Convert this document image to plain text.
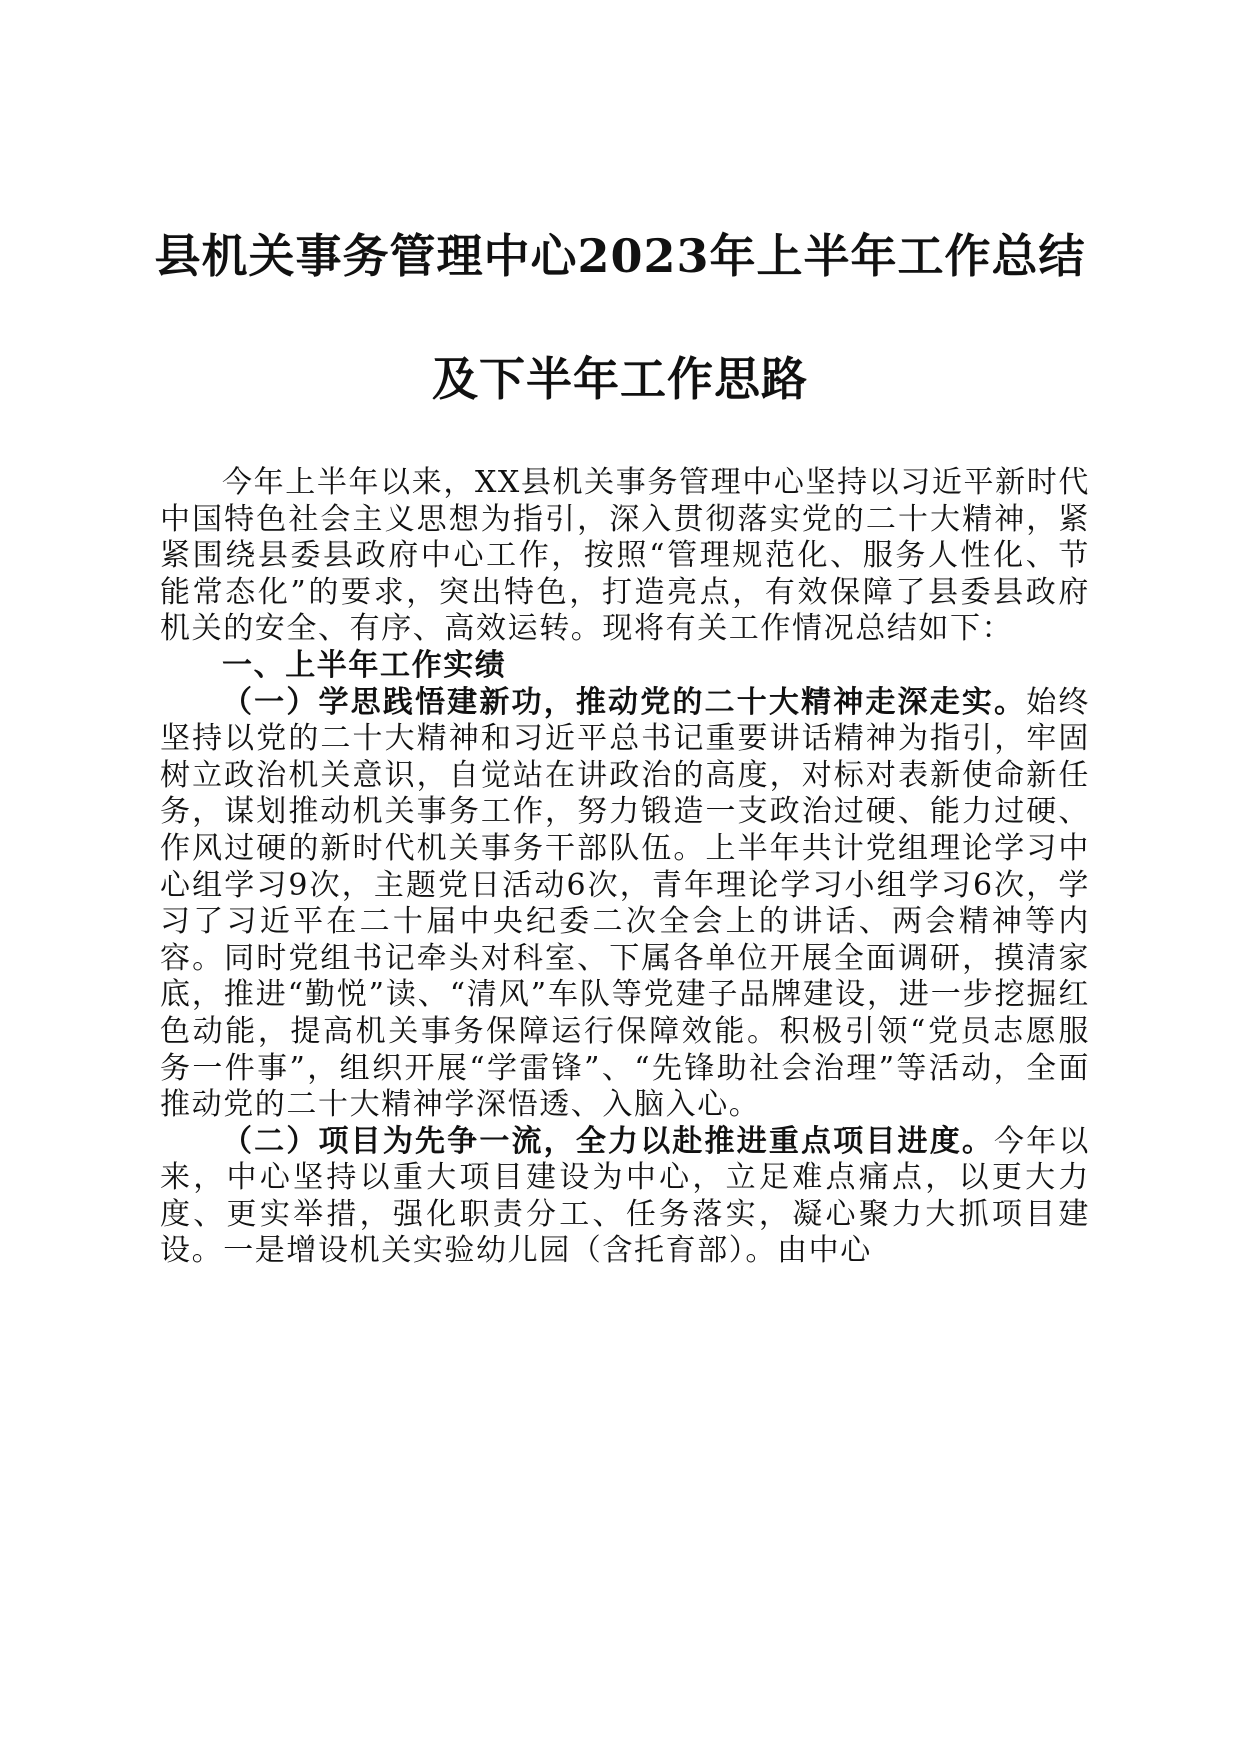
县机关事务管理中心2023年上半年工作总结
及下半年工作思路

今年上半年以来，XX县机关事务管理中心坚持以习近平新时代中国特色社会主义思想为指引，深入贯彻落实党的二十大精神，紧紧围绕县委县政府中心工作，按照“管理规范化、服务人性化、节能常态化”的要求，突出特色，打造亮点，有效保障了县委县政府机关的安全、有序、高效运转。现将有关工作情况总结如下：

一、上半年工作实绩

（一）学思践悟建新功，推动党的二十大精神走深走实。始终坚持以党的二十大精神和习近平总书记重要讲话精神为指引，牢固树立政治机关意识，自觉站在讲政治的高度，对标对表新使命新任务，谋划推动机关事务工作，努力锻造一支政治过硬、能力过硬、作风过硬的新时代机关事务干部队伍。上半年共计党组理论学习中心组学习9次，主题党日活动6次，青年理论学习小组学习6次，学习了习近平在二十届中央纪委二次全会上的讲话、两会精神等内容。同时党组书记牵头对科室、下属各单位开展全面调研，摸清家底，推进“勤悦”读、“清风”车队等党建子品牌建设，进一步挖掘红色动能，提高机关事务保障运行保障效能。积极引领“党员志愿服务一件事”，组织开展“学雷锋”、“先锋助社会治理”等活动，全面推动党的二十大精神学深悟透、入脑入心。

（二）项目为先争一流，全力以赴推进重点项目进度。今年以来，中心坚持以重大项目建设为中心，立足难点痛点，以更大力度、更实举措，强化职责分工、任务落实，凝心聚力大抓项目建设。一是增设机关实验幼儿园（含托育部）。由中心
